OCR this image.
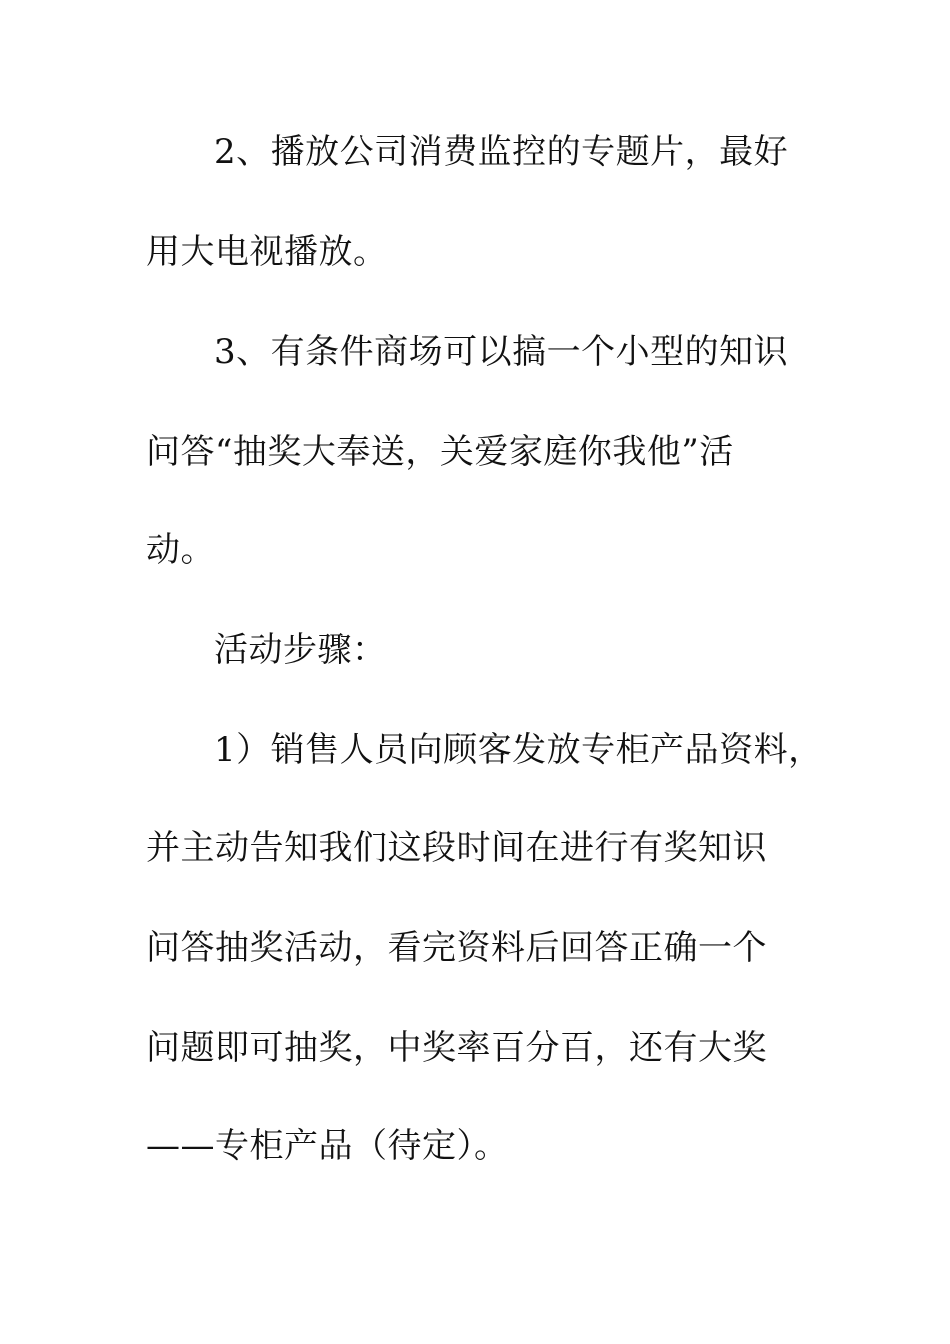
2、播放公司消费监控的专题片，最好
用大电视播放。
3、有条件商场可以搞一个小型的知识
问答“抽奖大奉送，关爱家庭你我他”活
动。
活动步骤：
1）销售人员向顾客发放专柜产品资料，
并主动告知我们这段时间在进行有奖知识
问答抽奖活动，看完资料后回答正确一个
问题即可抽奖，中奖率百分百，还有大奖
——专柜产品（待定）。
